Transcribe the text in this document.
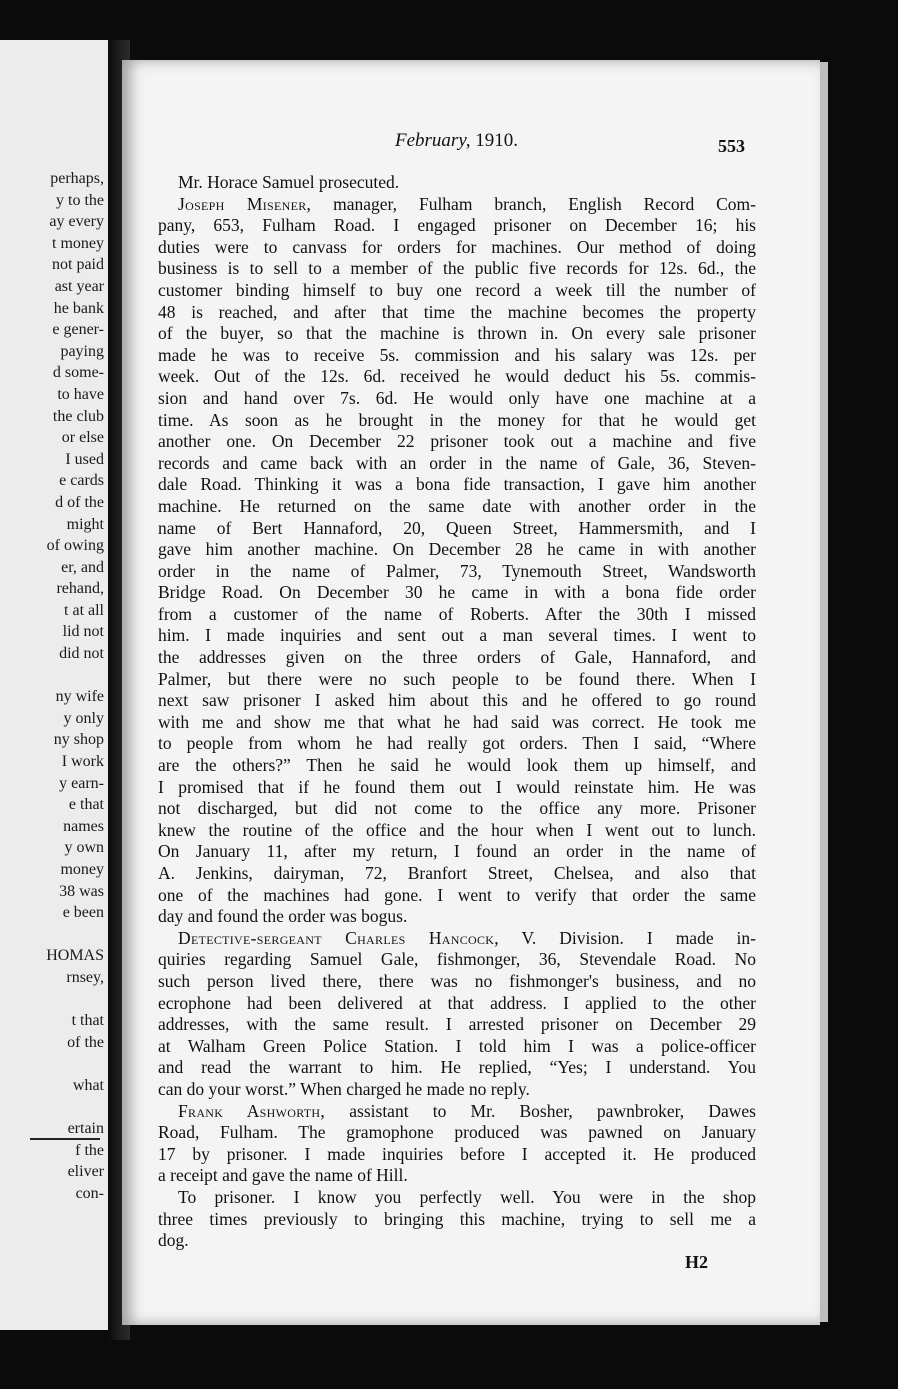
perhaps,
y to the
ay every
t money
not paid
ast year
he bank
e gener-
paying
d some-
to have
the club
or else
I used
e cards
d of the
might
of owing
er, and
rehand,
t at all
lid not
did not
ny wife
y only
ny shop
I work
y earn-
e that
names
y own
money
38 was
e been
HOMAS
rnsey,
t that
of the
what
ertain
f the
eliver
con-
February, 1910.	553
Mr. Horace Samuel prosecuted.
Joseph Misener, manager, Fulham branch, English Record Com-
pany, 653, Fulham Road. I engaged prisoner on December 16; his
duties were to canvass for orders for machines. Our method of doing
business is to sell to a member of the public five records for 12s. 6d., the
customer binding himself to buy one record a week till the number of
48 is reached, and after that time the machine becomes the property
of the buyer, so that the machine is thrown in. On every sale prisoner
made he was to receive 5s. commission and his salary was 12s. per
week. Out of the 12s. 6d. received he would deduct his 5s. commis-
sion and hand over 7s. 6d. He would only have one machine at a
time. As soon as he brought in the money for that he would get
another one. On December 22 prisoner took out a machine and five
records and came back with an order in the name of Gale, 36, Steven-
dale Road. Thinking it was a bona fide transaction, I gave him another
machine. He returned on the same date with another order in the
name of Bert Hannaford, 20, Queen Street, Hammersmith, and I
gave him another machine. On December 28 he came in with another
order in the name of Palmer, 73, Tynemouth Street, Wandsworth
Bridge Road. On December 30 he came in with a bona fide order
from a customer of the name of Roberts. After the 30th I missed
him. I made inquiries and sent out a man several times. I went to
the addresses given on the three orders of Gale, Hannaford, and
Palmer, but there were no such people to be found there. When I
next saw prisoner I asked him about this and he offered to go round
with me and show me that what he had said was correct. He took me
to people from whom he had really got orders. Then I said, “Where
are the others?” Then he said he would look them up himself, and
I promised that if he found them out I would reinstate him. He was
not discharged, but did not come to the office any more. Prisoner
knew the routine of the office and the hour when I went out to lunch.
On January 11, after my return, I found an order in the name of
A. Jenkins, dairyman, 72, Branfort Street, Chelsea, and also that
one of the machines had gone. I went to verify that order the same
day and found the order was bogus.
Detective-sergeant Charles Hancock, V. Division. I made in-
quiries regarding Samuel Gale, fishmonger, 36, Stevendale Road. No
such person lived there, there was no fishmonger's business, and no
ecrophone had been delivered at that address. I applied to the other
addresses, with the same result. I arrested prisoner on December 29
at Walham Green Police Station. I told him I was a police-officer
and read the warrant to him. He replied, “Yes; I understand. You
can do your worst.” When charged he made no reply.
Frank Ashworth, assistant to Mr. Bosher, pawnbroker, Dawes
Road, Fulham. The gramophone produced was pawned on January
17 by prisoner. I made inquiries before I accepted it. He produced
a receipt and gave the name of Hill.
To prisoner. I know you perfectly well. You were in the shop
three times previously to bringing this machine, trying to sell me a
dog.
H2
